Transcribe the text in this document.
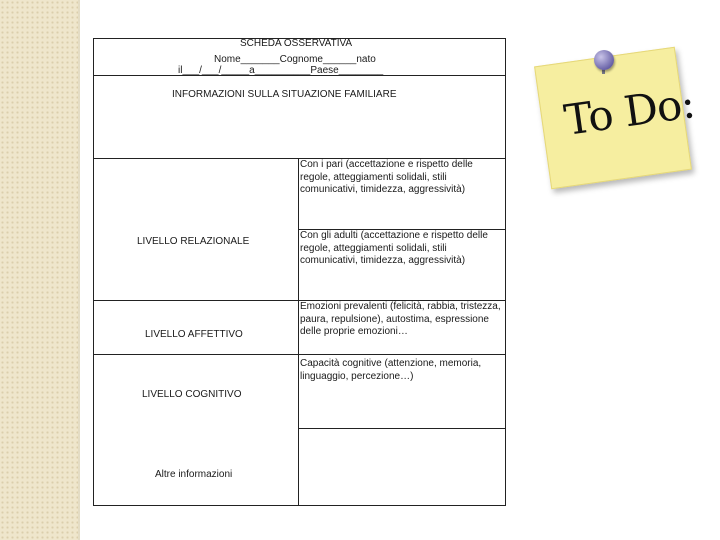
SCHEDA OSSERVATIVA
Nome_______Cognome______nato
il___/___/_____a__________Paese________
INFORMAZIONI SULLA SITUAZIONE FAMILIARE
Con i pari (accettazione e rispetto delle regole, atteggiamenti solidali, stili comunicativi, timidezza, aggressività)
Con gli adulti (accettazione e rispetto delle regole, atteggiamenti solidali, stili comunicativi, timidezza, aggressività)
Emozioni prevalenti (felicità, rabbia, tristezza, paura, repulsione), autostima, espressione delle proprie emozioni…
Capacità cognitive (attenzione, memoria, linguaggio, percezione…)
LIVELLO RELAZIONALE
LIVELLO AFFETTIVO
LIVELLO COGNITIVO
Altre informazioni
To Do:
